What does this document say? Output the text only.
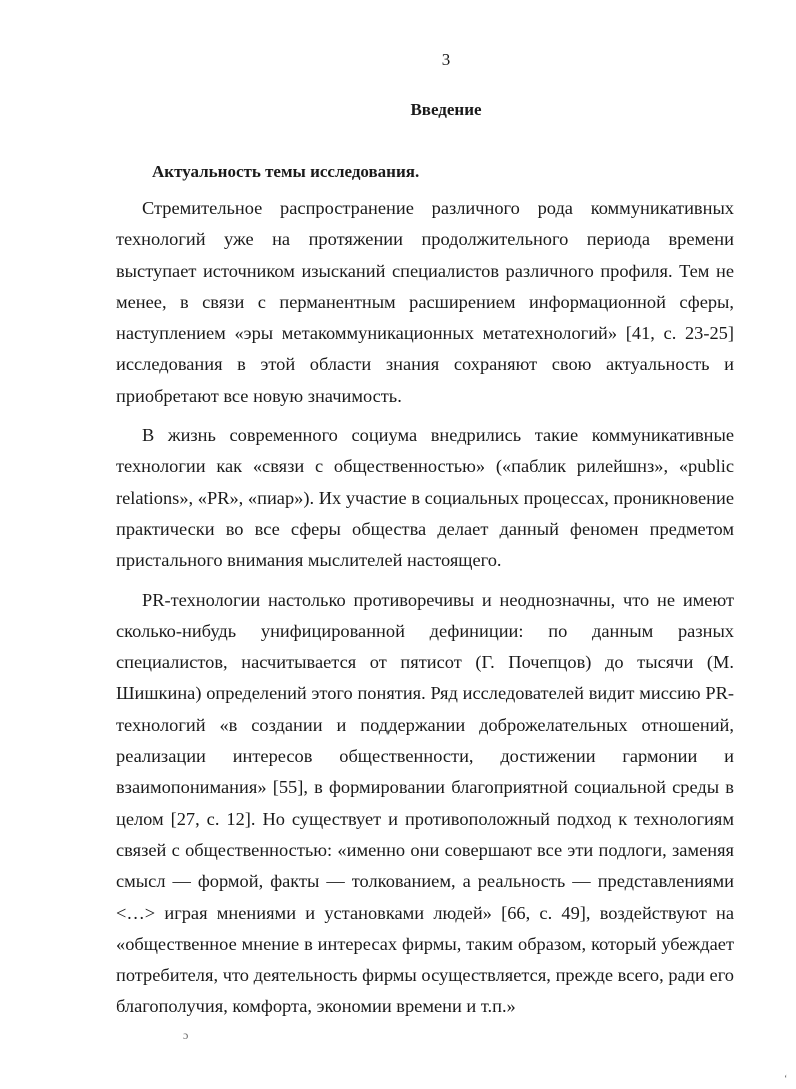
3
Введение
Актуальность темы исследования.

Стремительное распространение различного рода коммуникативных технологий уже на протяжении продолжительного периода времени выступает источником изысканий специалистов различного профиля. Тем не менее, в связи с перманентным расширением информационной сферы, наступлением «эры метакоммуникационных метатехнологий» [41, с. 23-25] исследования в этой области знания сохраняют свою актуальность и приобретают все новую значимость.

В жизнь современного социума внедрились такие коммуникативные технологии как «связи с общественностью» («паблик рилейшнз», «public relations», «PR», «пиар»). Их участие в социальных процессах, проникновение практически во все сферы общества делает данный феномен предметом пристального внимания мыслителей настоящего.

PR-технологии настолько противоречивы и неоднозначны, что не имеют сколько-нибудь унифицированной дефиниции: по данным разных специалистов, насчитывается от пятисот (Г. Почепцов) до тысячи (М. Шишкина) определений этого понятия. Ряд исследователей видит миссию PR-технологий «в создании и поддержании доброжелательных отношений, реализации интересов общественности, достижении гармонии и взаимопонимания» [55], в формировании благоприятной социальной среды в целом [27, с. 12]. Но существует и противоположный подход к технологиям связей с общественностью: «именно они совершают все эти подлоги, заменяя смысл — формой, факты — толкованием, а реальность — представлениями <…> играя мнениями и установками людей» [66, с. 49], воздействуют на «общественное мнение в интересах фирмы, таким образом, который убеждает потребителя, что деятельность фирмы осуществляется, прежде всего, ради его благополучия, комфорта, экономии времени и т.п.»

ɔ
ʻ
